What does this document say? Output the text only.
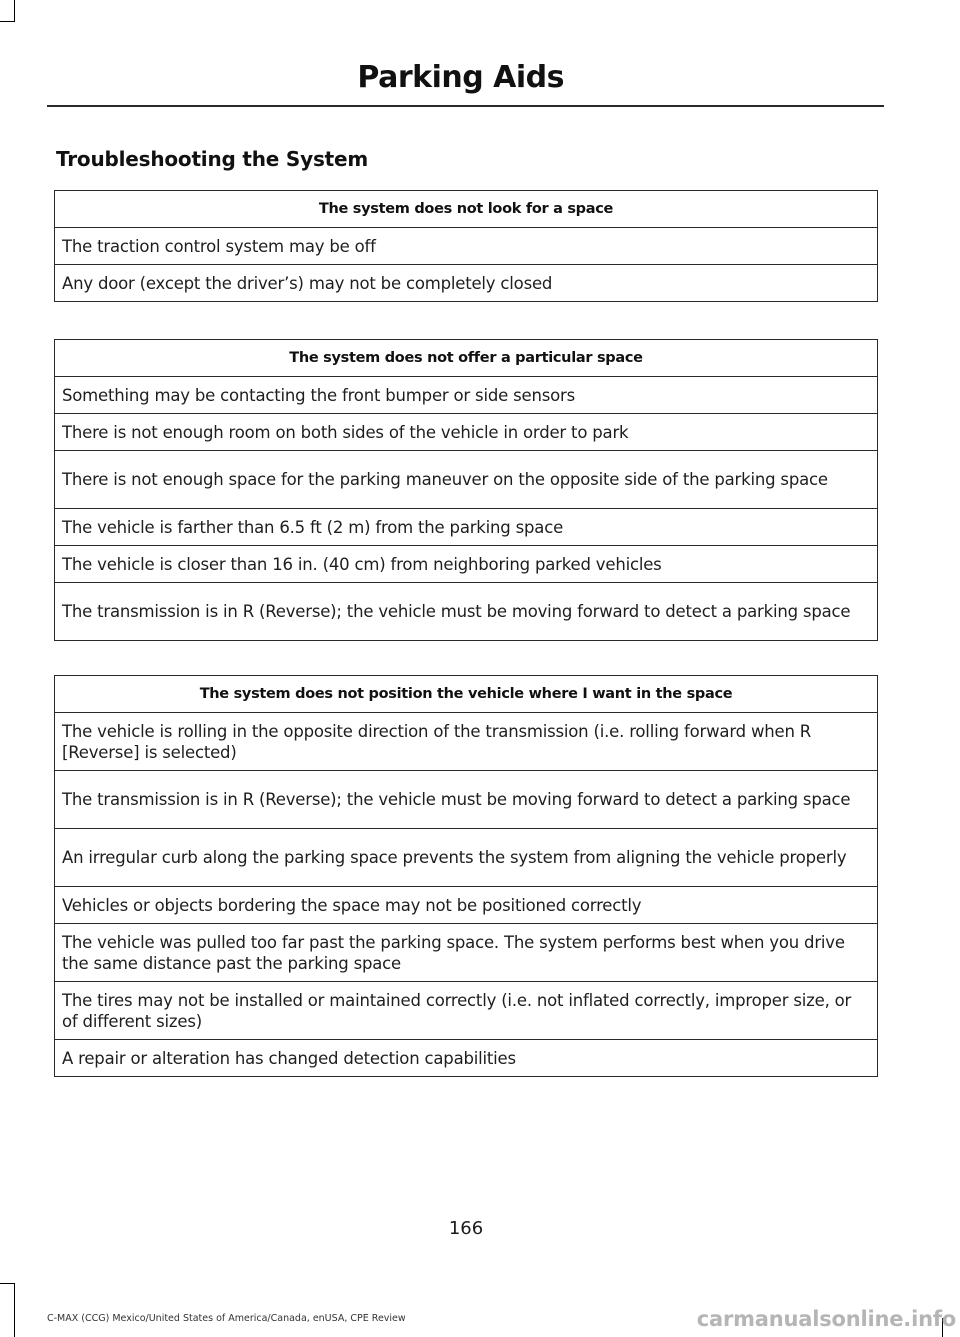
Parking Aids
Troubleshooting the System
The system does not look for a space
The traction control system may be off
Any door (except the driver’s) may not be completely closed
The system does not offer a particular space
Something may be contacting the front bumper or side sensors
There is not enough room on both sides of the vehicle in order to park
There is not enough space for the parking maneuver on the opposite side of the parking space
The vehicle is farther than 6.5 ft (2 m) from the parking space
The vehicle is closer than 16 in. (40 cm) from neighboring parked vehicles
The transmission is in R (Reverse); the vehicle must be moving forward to detect a parking space
The system does not position the vehicle where I want in the space
The vehicle is rolling in the opposite direction of the transmission (i.e. rolling forward when R [Reverse] is selected)
The transmission is in R (Reverse); the vehicle must be moving forward to detect a parking space
An irregular curb along the parking space prevents the system from aligning the vehicle properly
Vehicles or objects bordering the space may not be positioned correctly
The vehicle was pulled too far past the parking space. The system performs best when you drive the same distance past the parking space
The tires may not be installed or maintained correctly (i.e. not inflated correctly, improper size, or of different sizes)
A repair or alteration has changed detection capabilities
166
C-MAX (CCG) Mexico/United States of America/Canada, enUSA, CPE Review	carmanualsonline.info
